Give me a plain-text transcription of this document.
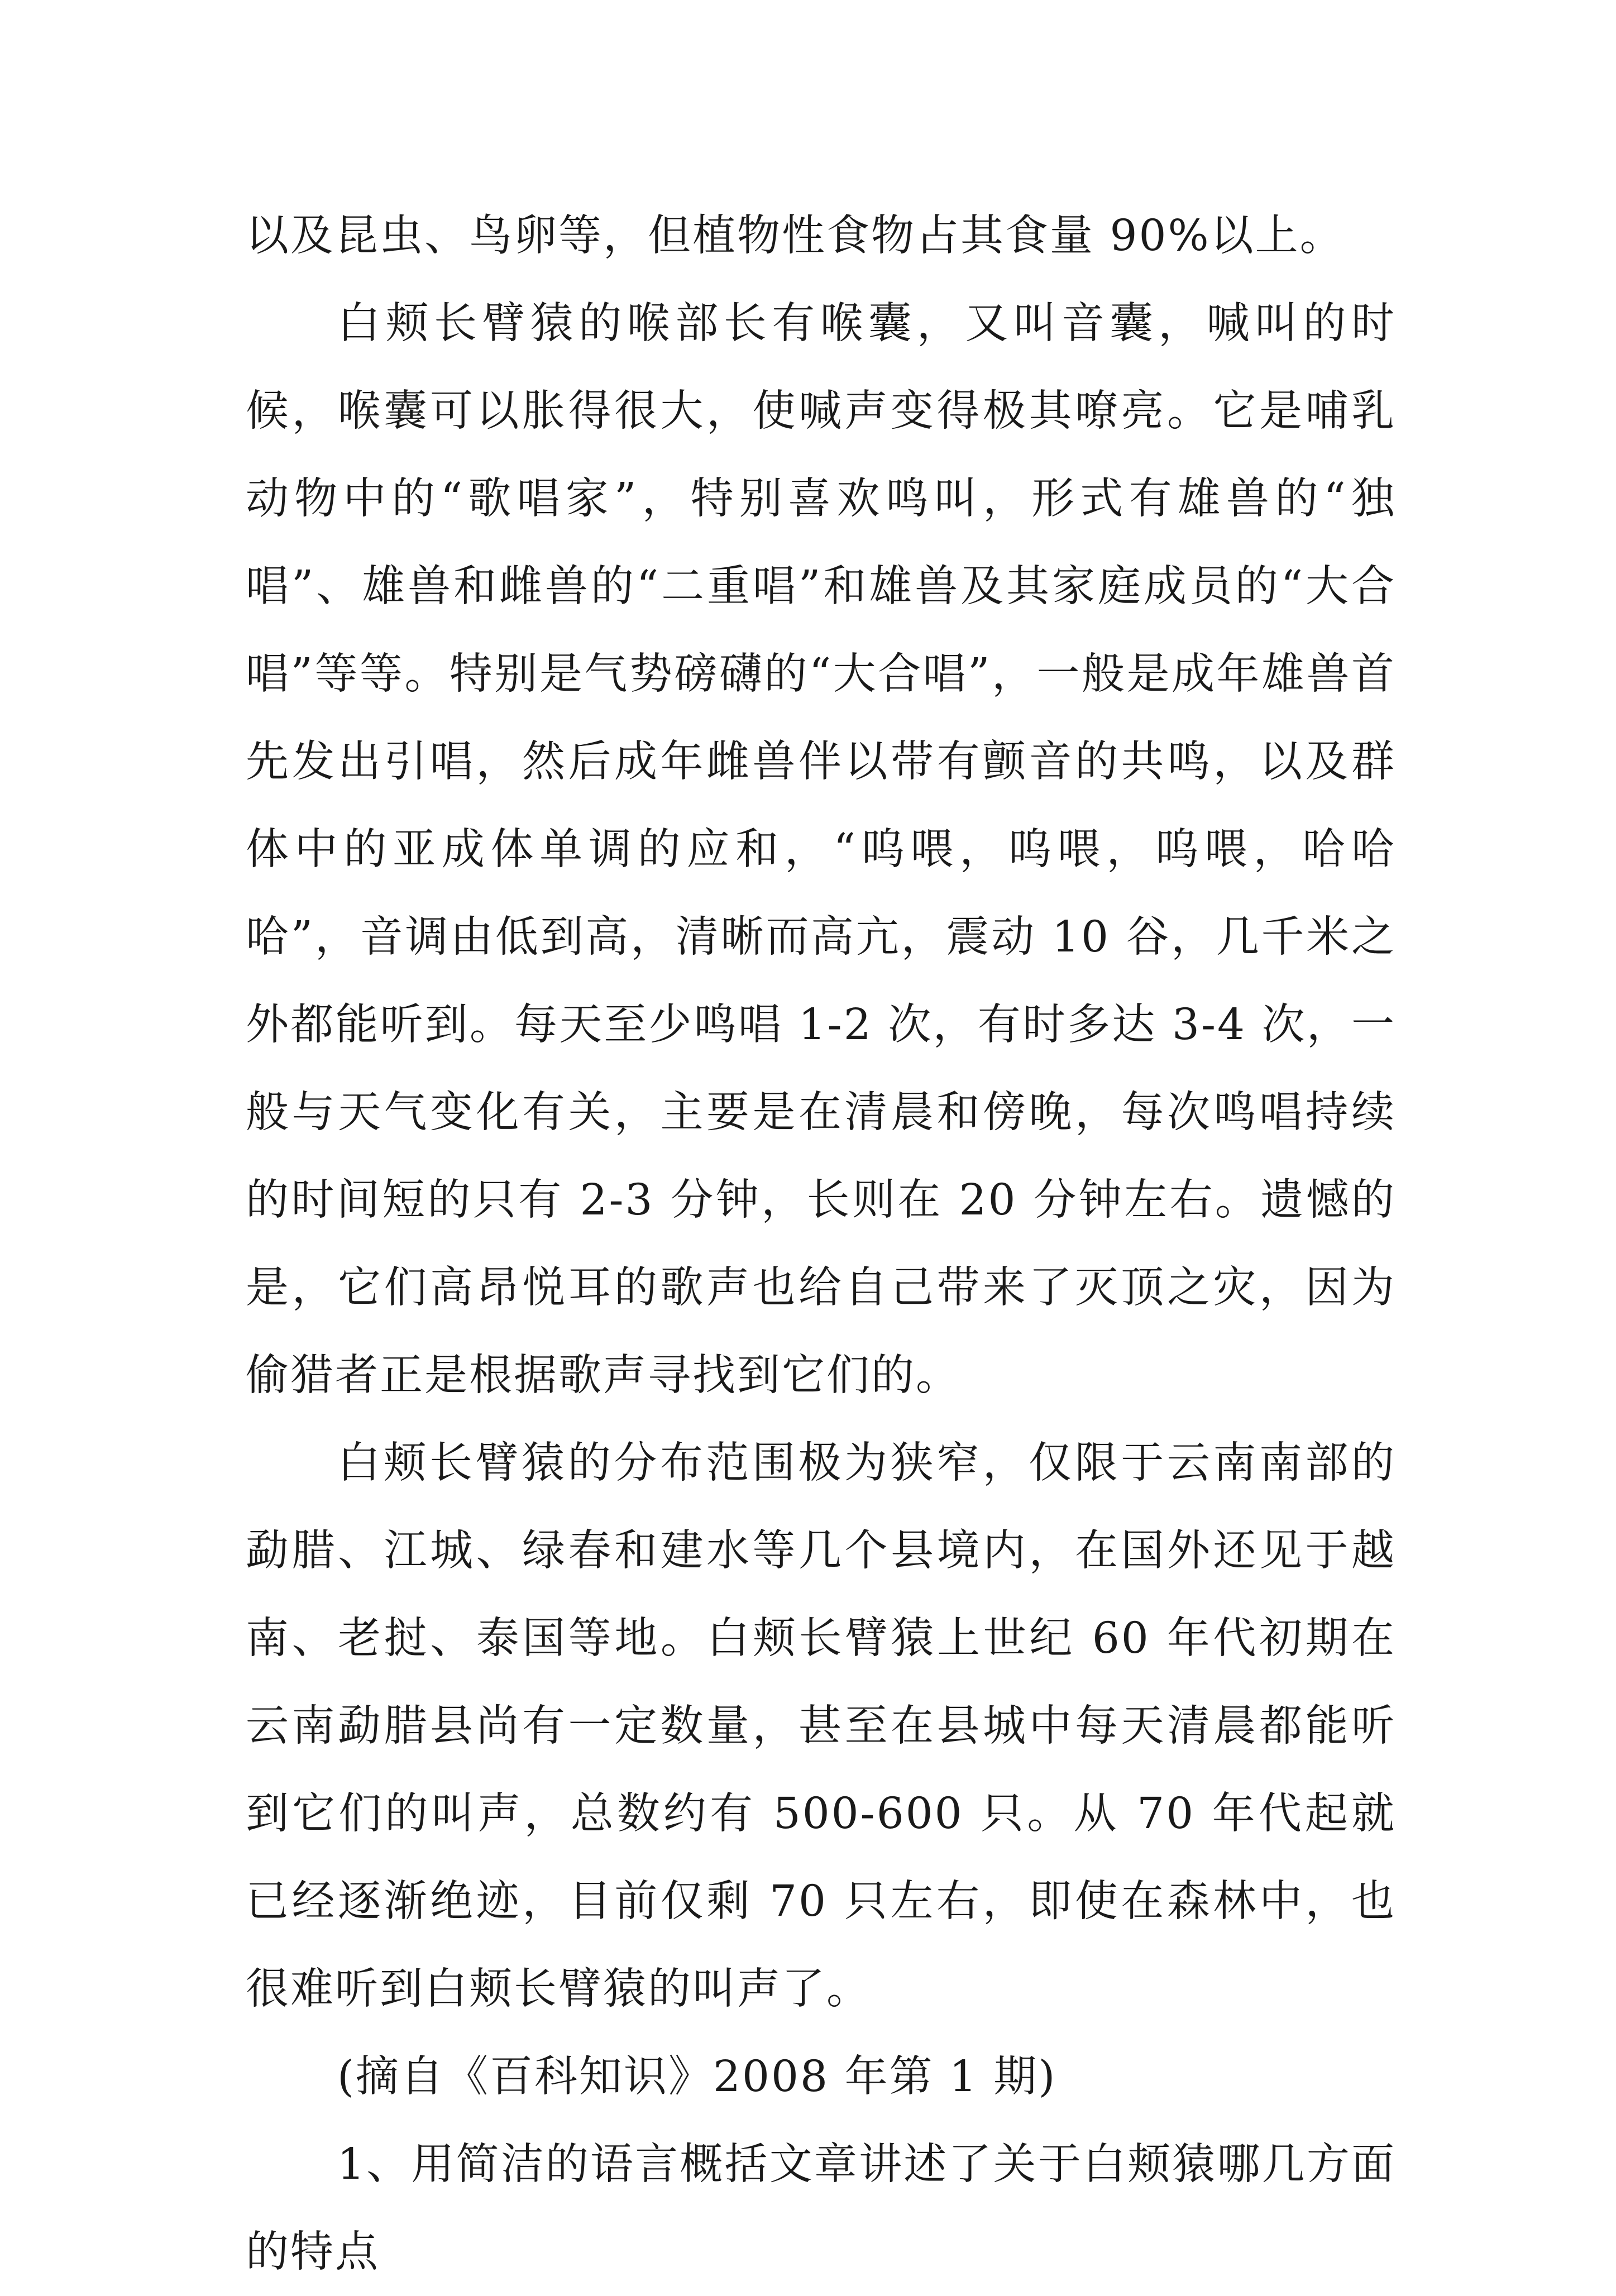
以及昆虫、鸟卵等，但植物性食物占其食量 90%以上。

白颊长臂猿的喉部长有喉囊，又叫音囊，喊叫的时候，喉囊可以胀得很大，使喊声变得极其嘹亮。它是哺乳动物中的“歌唱家”，特别喜欢鸣叫，形式有雄兽的“独唱”、雄兽和雌兽的“二重唱”和雄兽及其家庭成员的“大合唱”等等。特别是气势磅礴的“大合唱”，一般是成年雄兽首先发出引唱，然后成年雌兽伴以带有颤音的共鸣，以及群体中的亚成体单调的应和，“呜喂，呜喂，呜喂，哈哈哈”，音调由低到高，清晰而高亢，震动 10 谷，几千米之外都能听到。每天至少鸣唱 1-2 次，有时多达 3-4 次，一般与天气变化有关，主要是在清晨和傍晚，每次鸣唱持续的时间短的只有 2-3 分钟，长则在 20 分钟左右。遗憾的是，它们高昂悦耳的歌声也给自己带来了灭顶之灾，因为偷猎者正是根据歌声寻找到它们的。

白颊长臂猿的分布范围极为狭窄，仅限于云南南部的勐腊、江城、绿春和建水等几个县境内，在国外还见于越南、老挝、泰国等地。白颊长臂猿上世纪 60 年代初期在云南勐腊县尚有一定数量，甚至在县城中每天清晨都能听到它们的叫声，总数约有 500-600 只。从 70 年代起就已经逐渐绝迹，目前仅剩 70 只左右，即使在森林中，也很难听到白颊长臂猿的叫声了。

(摘自《百科知识》2008 年第 1 期)

1、用简洁的语言概括文章讲述了关于白颊猿哪几方面的特点
